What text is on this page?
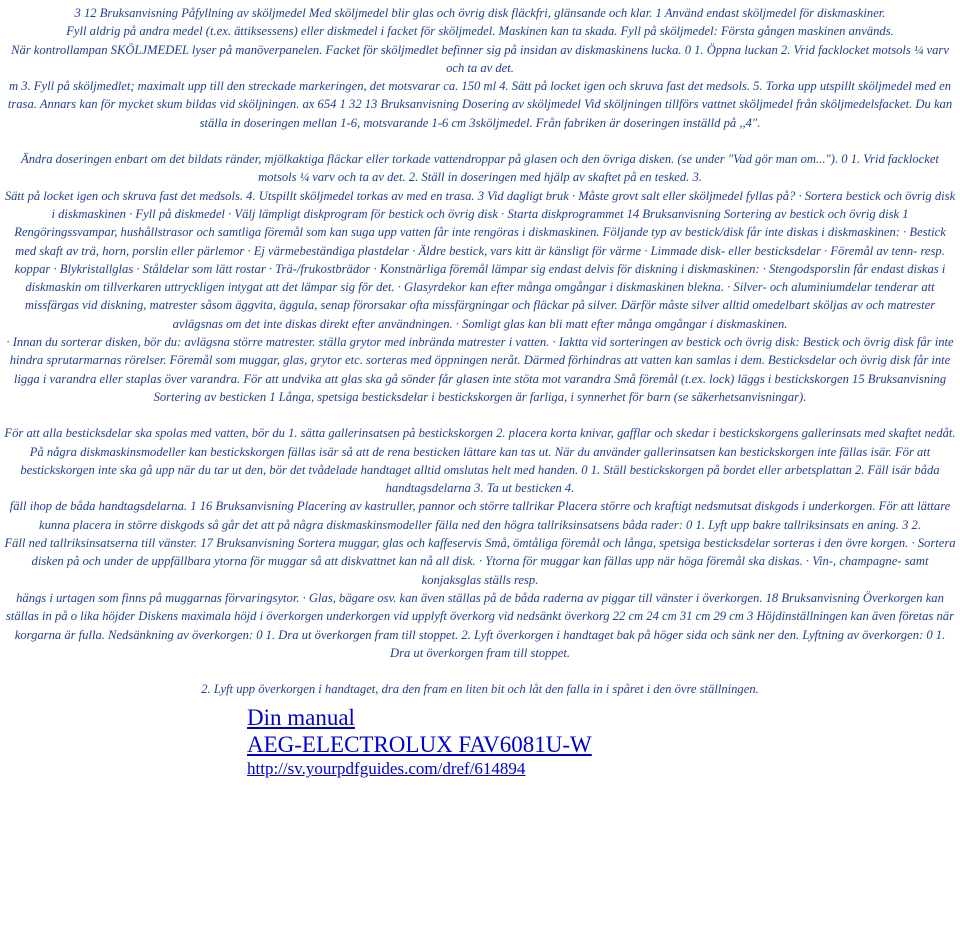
3 12 Bruksanvisning Påfyllning av sköljmedel Med sköljmedel blir glas och övrig disk fläckfri, glänsande och klar. 1 Använd endast sköljmedel för diskmaskiner.

Fyll aldrig på andra medel (t.ex. ättiksessens) eller diskmedel i facket för sköljmedel. Maskinen kan ta skada. Fyll på sköljmedel: Första gången maskinen används.

När kontrollampan SKÖLJMEDEL lyser på manöverpanelen. Facket för sköljmedlet befinner sig på insidan av diskmaskinens lucka. 0 1. Öppna luckan 2. Vrid facklocket motsols ¼ varv och ta av det.

m 3. Fyll på sköljmedlet; maximalt upp till den streckade markeringen, det motsvarar ca. 150 ml 4. Sätt på locket igen och skruva fast det medsols. 5. Torka upp utspillt sköljmedel med en trasa. Annars kan för mycket skum bildas vid sköljningen. ax 654 1 32 13 Bruksanvisning Dosering av sköljmedel Vid sköljningen tillförs vattnet sköljmedel från sköljmedelsfacket. Du kan ställa in doseringen mellan 1-6, motsvarande 1-6 cm 3sköljmedel. Från fabriken är doseringen inställd på ,,4".

Ändra doseringen enbart om det bildats ränder, mjölkaktiga fläckar eller torkade vattendroppar på glasen och den övriga disken. (se under "Vad gör man om..."). 0 1. Vrid facklocket motsols ¼ varv och ta av det. 2. Ställ in doseringen med hjälp av skaftet på en tesked. 3.

Sätt på locket igen och skruva fast det medsols. 4. Utspillt sköljmedel torkas av med en trasa. 3 Vid dagligt bruk · Måste grovt salt eller sköljmedel fyllas på? · Sortera bestick och övrig disk i diskmaskinen · Fyll på diskmedel · Välj lämpligt diskprogram för bestick och övrig disk · Starta diskprogrammet 14 Bruksanvisning Sortering av bestick och övrig disk 1 Rengöringssvampar, hushållstrasor och samtliga föremål som kan suga upp vatten får inte rengöras i diskmaskinen. Följande typ av bestick/disk får inte diskas i diskmaskinen: · Bestick med skaft av trä, horn, porslin eller pärlemor · Ej värmebeständiga plastdelar · Äldre bestick, vars kitt är känsligt för värme · Limmade disk- eller besticksdelar · Föremål av tenn- resp.

koppar · Blykristallglas · Ståldelar som lätt rostar · Trä-/frukostbrädor · Konstnärliga föremål lämpar sig endast delvis för diskning i diskmaskinen: · Stengodsporslin får endast diskas i diskmaskin om tillverkaren uttryckligen intygat att det lämpar sig för det. · Glasyrdekor kan efter många omgångar i diskmaskinen blekna. · Silver- och aluminiumdelar tenderar att missfärgas vid diskning, matrester såsom äggvita, äggula, senap förorsakar ofta missfärgningar och fläckar på silver. Därför måste silver alltid omedelbart sköljas av och matrester avlägsnas om det inte diskas direkt efter användningen. · Somligt glas kan bli matt efter många omgångar i diskmaskinen.

· Innan du sorterar disken, bör du: avlägsna större matrester. ställa grytor med inbrända matrester i vatten. · Iaktta vid sorteringen av bestick och övrig disk: Bestick och övrig disk får inte hindra sprutarmarnas rörelser. Föremål som muggar, glas, grytor etc. sorteras med öppningen neråt. Därmed förhindras att vatten kan samlas i dem. Besticksdelar och övrig disk får inte ligga i varandra eller staplas över varandra. För att undvika att glas ska gå sönder får glasen inte stöta mot varandra Små föremål (t.ex. lock) läggs i bestickskorgen 15 Bruksanvisning Sortering av besticken 1 Långa, spetsiga besticksdelar i bestickskorgen är farliga, i synnerhet för barn (se säkerhetsanvisningar).

För att alla besticksdelar ska spolas med vatten, bör du 1. sätta gallerinsatsen på bestickskorgen 2. placera korta knivar, gafflar och skedar i bestickskorgens gallerinsats med skaftet nedåt. På några diskmaskinsmodeller kan bestickskorgen fällas isär så att de rena besticken lättare kan tas ut. När du använder gallerinsatsen kan bestickskorgen inte fällas isär. För att bestickskorgen inte ska gå upp när du tar ut den, bör det tvådelade handtaget alltid omslutas helt med handen. 0 1. Ställ bestickskorgen på bordet eller arbetsplattan 2. Fäll isär båda handtagsdelarna 3. Ta ut besticken 4.

fäll ihop de båda handtagsdelarna. 1 16 Bruksanvisning Placering av kastruller, pannor och större tallrikar Placera större och kraftigt nedsmutsat diskgods i underkorgen. För att lättare kunna placera in större diskgods så går det att på några diskmaskinsmodeller fälla ned den högra tallriksinsatsens båda rader: 0 1. Lyft upp bakre tallriksinsats en aning. 3 2.

Fäll ned tallriksinsatserna till vänster. 17 Bruksanvisning Sortera muggar, glas och kaffeservis Små, ömtåliga föremål och långa, spetsiga besticksdelar sorteras i den övre korgen. · Sortera disken på och under de uppfällbara ytorna för muggar så att diskvattnet kan nå all disk. · Ytorna för muggar kan fällas upp när höga föremål ska diskas. · Vin-, champagne- samt konjaksglas ställs resp.

hängs i urtagen som finns på muggarnas förvaringsytor. · Glas, bägare osv. kan även ställas på de båda raderna av piggar till vänster i överkorgen. 18 Bruksanvisning Överkorgen kan ställas in på o lika höjder Diskens maximala höjd i överkorgen underkorgen vid upplyft överkorg vid nedsänkt överkorg 22 cm 24 cm 31 cm 29 cm 3 Höjdinställningen kan även företas när korgarna är fulla. Nedsänkning av överkorgen: 0 1. Dra ut överkorgen fram till stoppet. 2. Lyft överkorgen i handtaget bak på höger sida och sänk ner den. Lyftning av överkorgen: 0 1. Dra ut överkorgen fram till stoppet.

2. Lyft upp överkorgen i handtaget, dra den fram en liten bit och låt den falla in i spåret i den övre ställningen.

Din manual
AEG-ELECTROLUX FAV6081U-W
http://sv.yourpdfguides.com/dref/614894
